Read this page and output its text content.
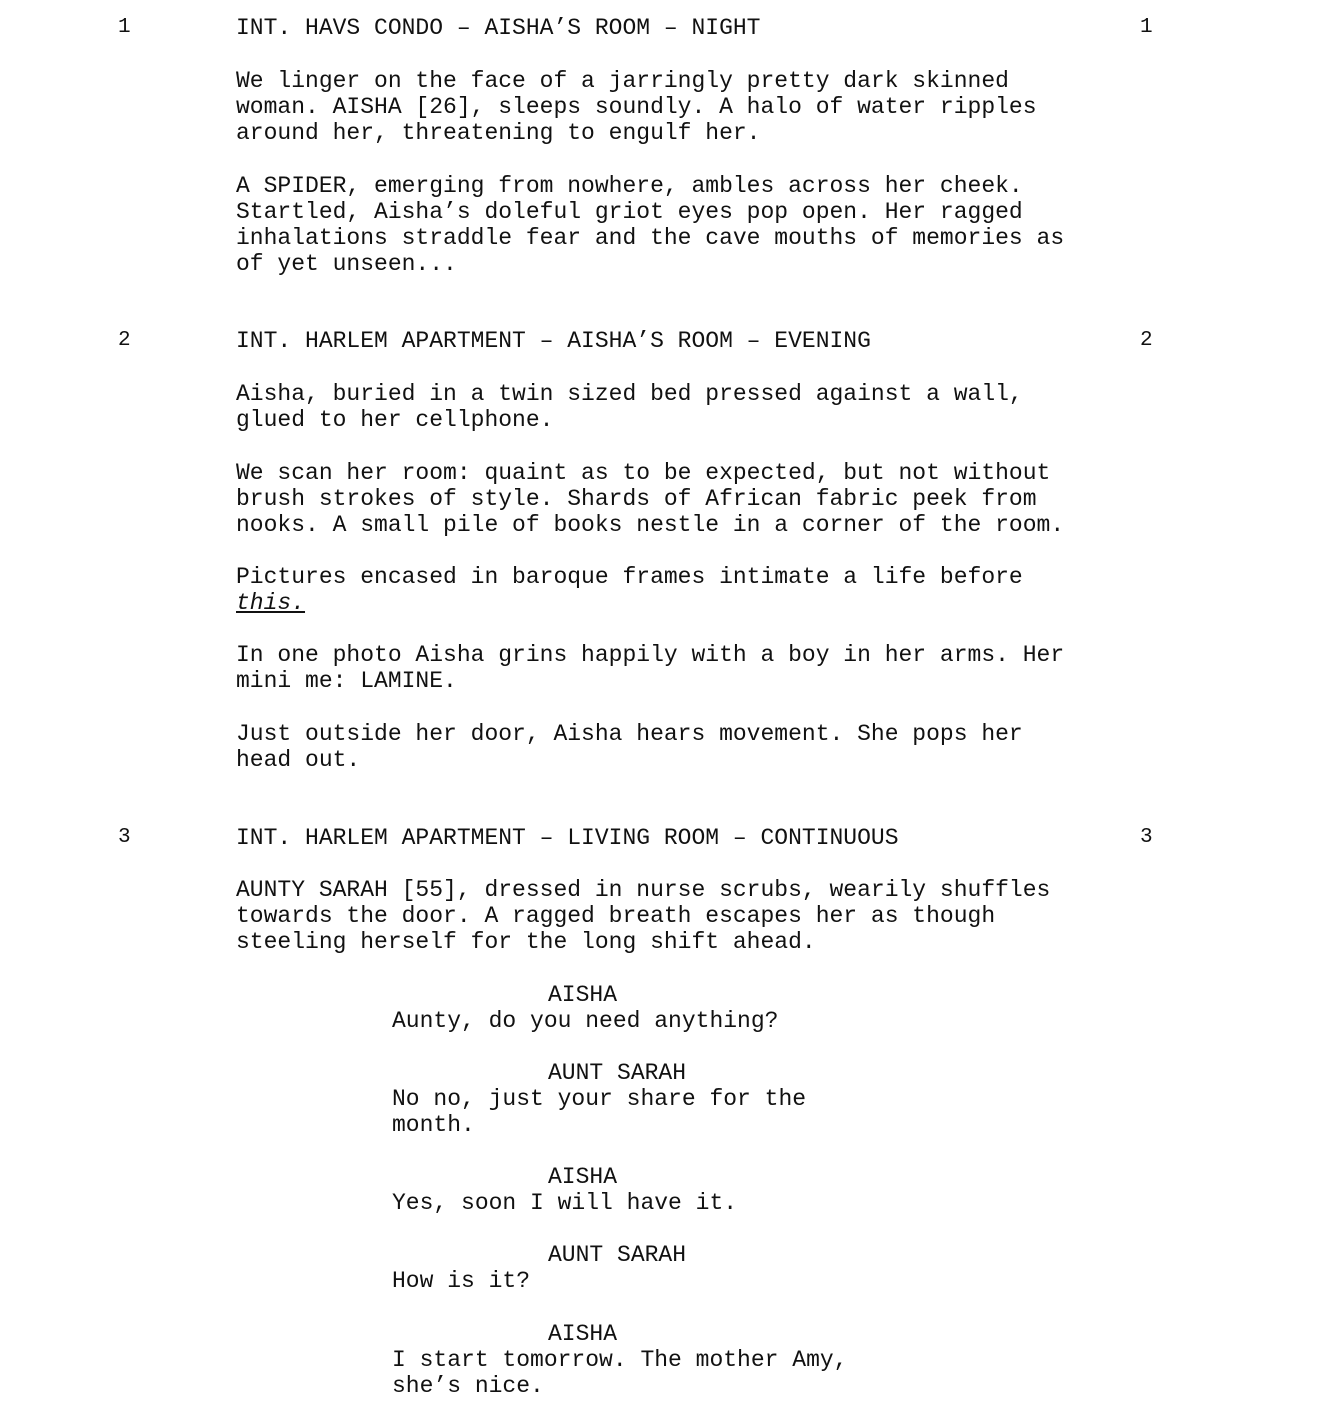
1	INT. HAVS CONDO – AISHA’S ROOM – NIGHT	1
We linger on the face of a jarringly pretty dark skinned
woman. AISHA [26], sleeps soundly. A halo of water ripples
around her, threatening to engulf her.
A SPIDER, emerging from nowhere, ambles across her cheek.
Startled, Aisha’s doleful griot eyes pop open. Her ragged
inhalations straddle fear and the cave mouths of memories as
of yet unseen...
2	INT. HARLEM APARTMENT – AISHA’S ROOM – EVENING	2
Aisha, buried in a twin sized bed pressed against a wall,
glued to her cellphone.
We scan her room: quaint as to be expected, but not without
brush strokes of style. Shards of African fabric peek from
nooks. A small pile of books nestle in a corner of the room.
Pictures encased in baroque frames intimate a life before
this.
In one photo Aisha grins happily with a boy in her arms. Her
mini me: LAMINE.
Just outside her door, Aisha hears movement. She pops her
head out.
3	INT. HARLEM APARTMENT – LIVING ROOM – CONTINUOUS	3
AUNTY SARAH [55], dressed in nurse scrubs, wearily shuffles
towards the door. A ragged breath escapes her as though
steeling herself for the long shift ahead.
AISHA
Aunty, do you need anything?
AUNT SARAH
No no, just your share for the
month.
AISHA
Yes, soon I will have it.
AUNT SARAH
How is it?
AISHA
I start tomorrow. The mother Amy,
she’s nice.
